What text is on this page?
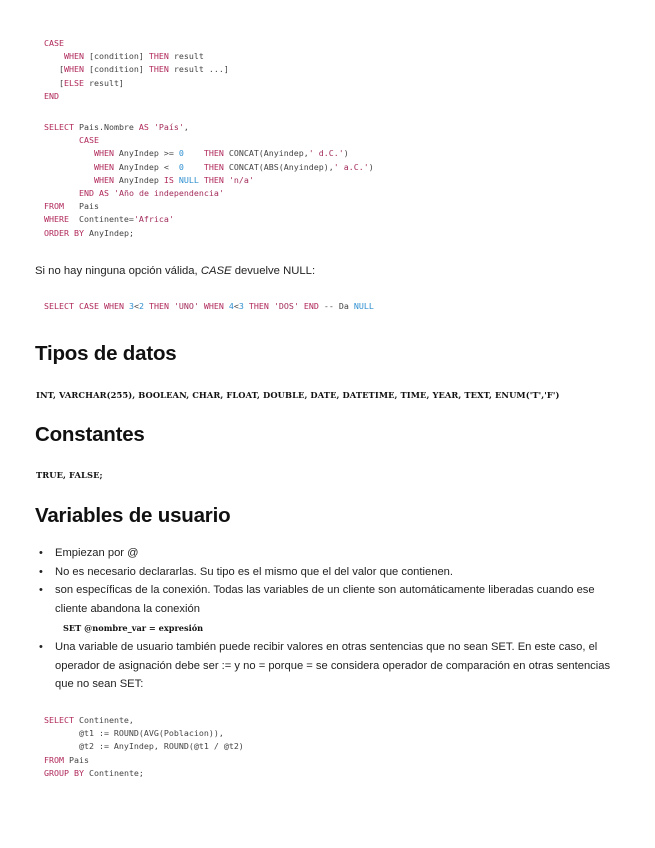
CASE
WHEN [condition] THEN result
[WHEN [condition] THEN result ...]
[ELSE result]
END
SELECT Pais.Nombre AS 'País',
CASE
WHEN AnyIndep >= 0 THEN CONCAT(Anyindep,' d.C.')
WHEN AnyIndep <  0 THEN CONCAT(ABS(Anyindep),' a.C.')
WHEN AnyIndep IS NULL THEN 'n/a'
END AS 'Año de independencia'
FROM   Pais
WHERE  Continente='Africa'
ORDER BY AnyIndep;
Si no hay ninguna opción válida, CASE devuelve NULL:
SELECT CASE WHEN 3<2 THEN 'UNO' WHEN 4<3 THEN 'DOS' END -- Da NULL
Tipos de datos
INT, VARCHAR(255), BOOLEAN, CHAR, FLOAT, DOUBLE, DATE, DATETIME, TIME, YEAR, TEXT, ENUM('T','F')
Constantes
TRUE, FALSE;
Variables de usuario
• Empiezan por @
• No es necesario declararlas. Su tipo es el mismo que el del valor que contienen.
• son específicas de la conexión. Todas las variables de un cliente son automáticamente liberadas cuando ese cliente abandona la conexión
SET @nombre_var = expresión
• Una variable de usuario también puede recibir valores en otras sentencias que no sean SET. En este caso, el operador de asignación debe ser := y no = porque = se considera operador de comparación en otras sentencias que no sean SET:
SELECT Continente,
@t1 := ROUND(AVG(Poblacion)),
@t2 := AnyIndep, ROUND(@t1 / @t2)
FROM Pais
GROUP BY Continente;
